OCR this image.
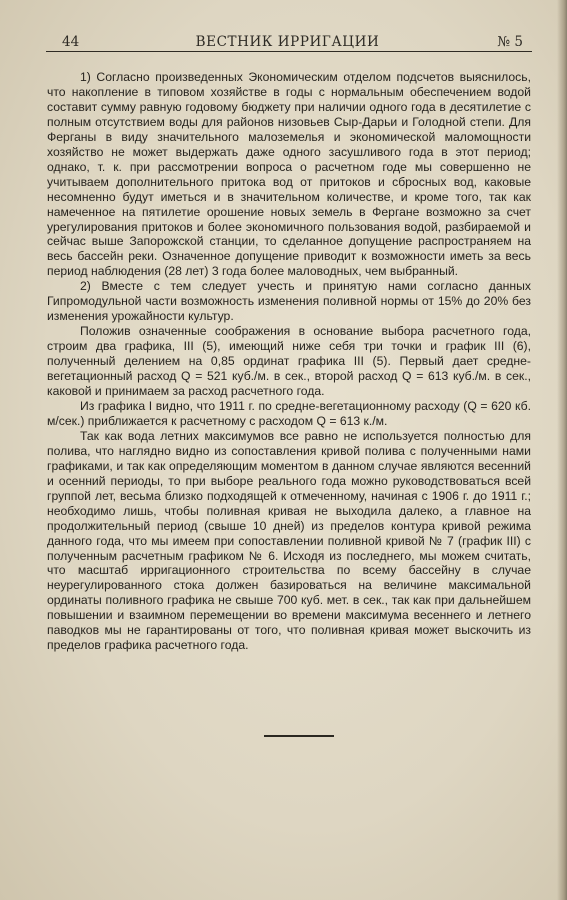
44	ВЕСТНИК ИРРИГАЦИИ	№ 5

1) Согласно произведенных Экономическим отделом подсчетов выяснилось, что накопление в типовом хозяйстве в годы с нормальным обеспечением водой составит сумму равную годовому бюджету при наличии одного года в десятилетие с полным отсутствием воды для районов низовьев Сыр-Дарьи и Голодной степи. Для Ферганы в виду значительного малоземелья и экономической маломощности хозяйство не может выдержать даже одного засушливого года в этот период; однако, т. к. при рассмотрении вопроса о расчетном годе мы совершенно не учитываем дополнительного притока вод от притоков и сбросных вод, каковые несомненно будут иметься и в значительном количестве, и кроме того, так как намеченное на пятилетие орошение новых земель в Фергане возможно за счет урегулирования притоков и более экономичного пользования водой, разбираемой и сейчас выше Запорожской станции, то сделанное допущение распространяем на весь бассейн реки. Означенное допущение приводит к возможности иметь за весь период наблюдения (28 лет) 3 года более маловодных, чем выбранный.

2) Вместе с тем следует учесть и принятую нами согласно данных Гипромодульной части возможность изменения поливной нормы от 15% до 20% без изменения урожайности культур.

Положив означенные соображения в основание выбора расчетного года, строим два графика, III (5), имеющий ниже себя три точки и график III (6), полученный делением на 0,85 ординат графика III (5). Первый дает средне-вегетационный расход Q = 521 куб./м. в сек., второй расход Q = 613 куб./м. в сек., каковой и принимаем за расход расчетного года.

Из графика I видно, что 1911 г. по средне-вегетационному расходу (Q = 620 кб. м/сек.) приближается к расчетному с расходом Q = 613 к./м.

Так как вода летних максимумов все равно не используется полностью для полива, что наглядно видно из сопоставления кривой полива с полученными нами графиками, и так как определяющим моментом в данном случае являются весенний и осенний периоды, то при выборе реального года можно руководствоваться всей группой лет, весьма близко подходящей к отмеченному, начиная с 1906 г. до 1911 г.; необходимо лишь, чтобы поливная кривая не выходила далеко, а главное на продолжительный период (свыше 10 дней) из пределов контура кривой режима данного года, что мы имеем при сопоставлении поливной кривой № 7 (график III) с полученным расчетным графиком № 6. Исходя из последнего, мы можем считать, что масштаб ирригационного строительства по всему бассейну в случае неурегулированного стока должен базироваться на величине максимальной ординаты поливного графика не свыше 700 куб. мет. в сек., так как при дальнейшем повышении и взаимном перемещении во времени максимума весеннего и летнего паводков мы не гарантированы от того, что поливная кривая может выскочить из пределов графика расчетного года.
